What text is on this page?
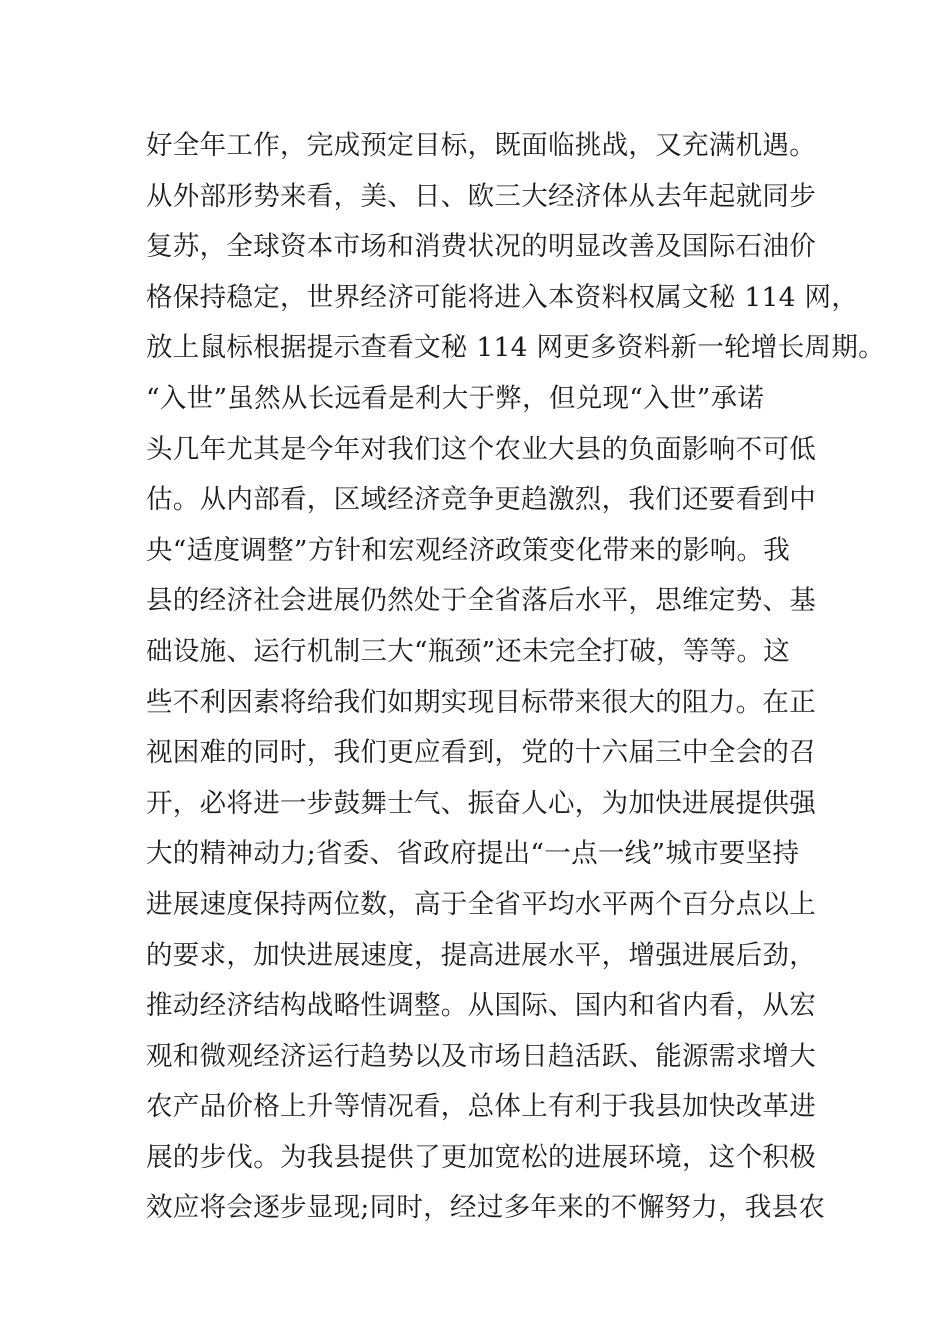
好全年工作，完成预定目标，既面临挑战，又充满机遇。
从外部形势来看，美、日、欧三大经济体从去年起就同步
复苏，全球资本市场和消费状况的明显改善及国际石油价
格保持稳定，世界经济可能将进入本资料权属文秘 114 网，
放上鼠标根据提示查看文秘 114 网更多资料新一轮增长周期。
“入世”虽然从长远看是利大于弊，但兑现“入世”承诺
头几年尤其是今年对我们这个农业大县的负面影响不可低
估。从内部看，区域经济竞争更趋激烈，我们还要看到中
央“适度调整”方针和宏观经济政策变化带来的影响。我
县的经济社会进展仍然处于全省落后水平，思维定势、基
础设施、运行机制三大“瓶颈”还未完全打破，等等。这
些不利因素将给我们如期实现目标带来很大的阻力。在正
视困难的同时，我们更应看到，党的十六届三中全会的召
开，必将进一步鼓舞士气、振奋人心，为加快进展提供强
大的精神动力;省委、省政府提出“一点一线”城市要坚持
进展速度保持两位数，高于全省平均水平两个百分点以上
的要求，加快进展速度，提高进展水平，增强进展后劲，
推动经济结构战略性调整。从国际、国内和省内看，从宏
观和微观经济运行趋势以及市场日趋活跃、能源需求增大
农产品价格上升等情况看，总体上有利于我县加快改革进
展的步伐。为我县提供了更加宽松的进展环境，这个积极
效应将会逐步显现;同时，经过多年来的不懈努力，我县农
